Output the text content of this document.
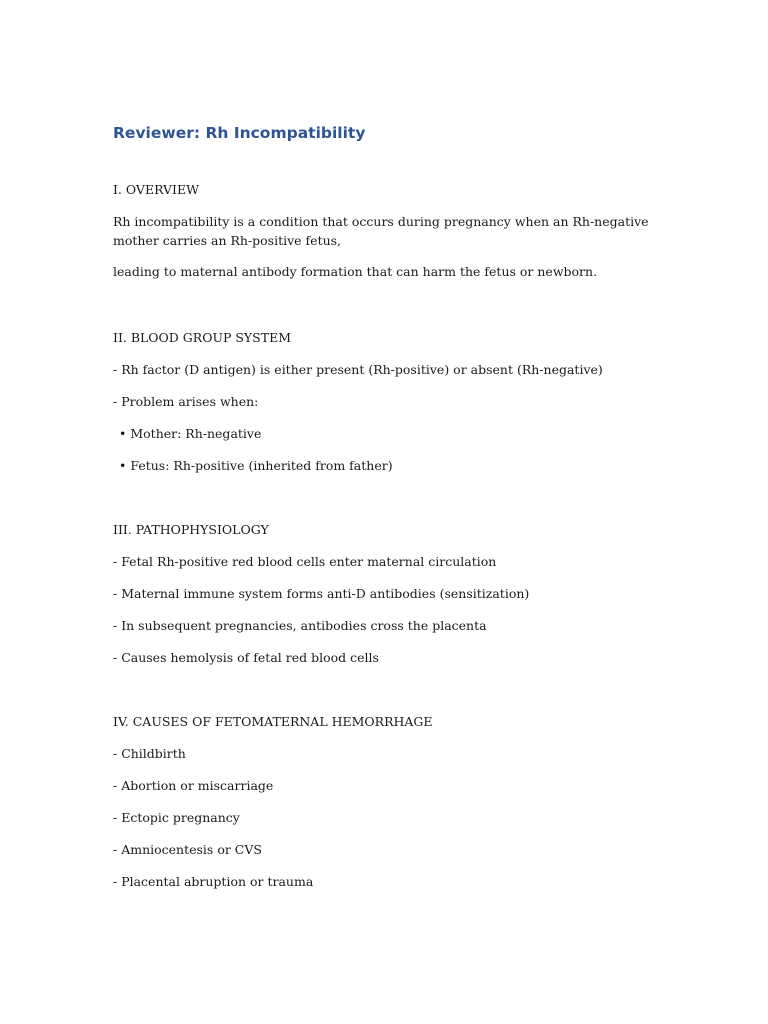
Reviewer: Rh Incompatibility

I. OVERVIEW

Rh incompatibility is a condition that occurs during pregnancy when an Rh-negative mother carries an Rh-positive fetus,

leading to maternal antibody formation that can harm the fetus or newborn.

II. BLOOD GROUP SYSTEM

- Rh factor (D antigen) is either present (Rh-positive) or absent (Rh-negative)

- Problem arises when:

• Mother: Rh-negative

• Fetus: Rh-positive (inherited from father)

III. PATHOPHYSIOLOGY

- Fetal Rh-positive red blood cells enter maternal circulation

- Maternal immune system forms anti-D antibodies (sensitization)

- In subsequent pregnancies, antibodies cross the placenta

- Causes hemolysis of fetal red blood cells

IV. CAUSES OF FETOMATERNAL HEMORRHAGE

- Childbirth

- Abortion or miscarriage

- Ectopic pregnancy

- Amniocentesis or CVS

- Placental abruption or trauma
